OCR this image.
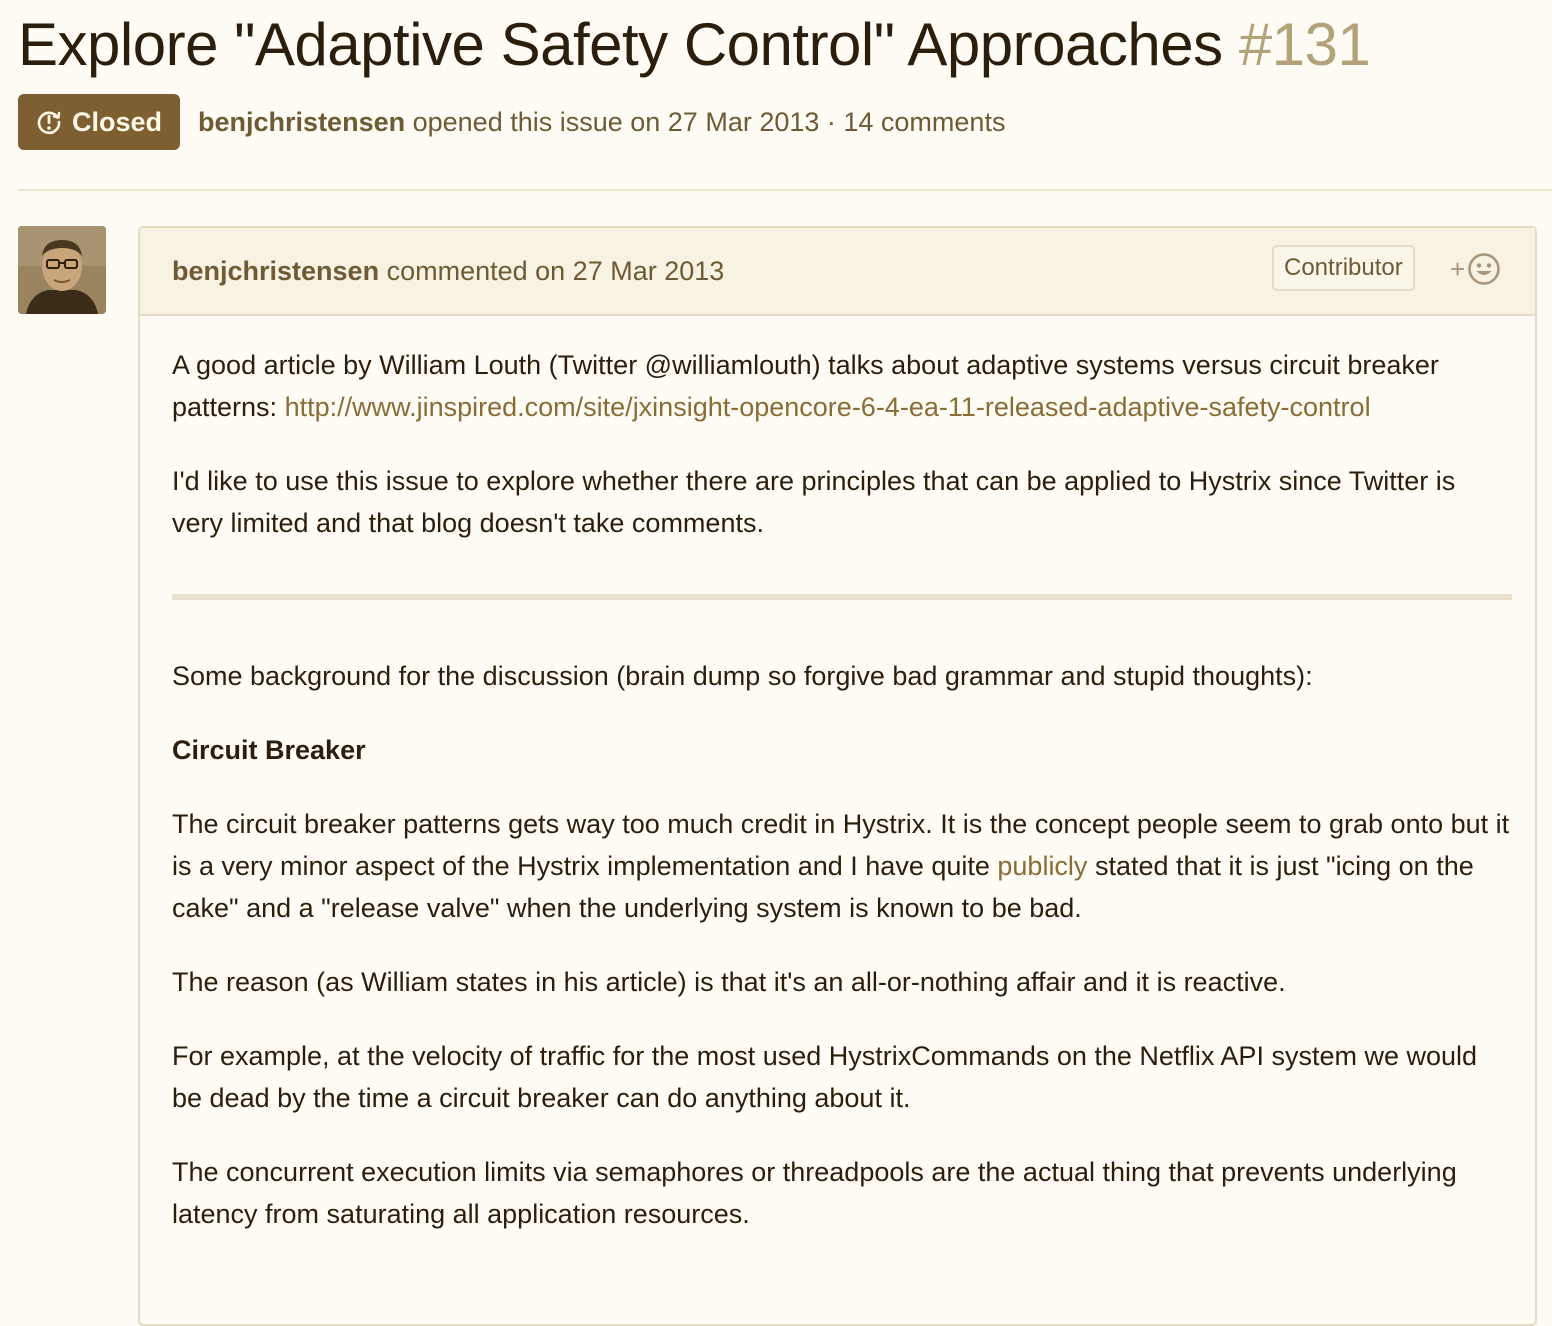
Explore "Adaptive Safety Control" Approaches #131
Closed benjchristensen opened this issue on 27 Mar 2013 · 14 comments
benjchristensen commented on 27 Mar 2013	Contributor	+

A good article by William Louth (Twitter @williamlouth) talks about adaptive systems versus circuit breaker patterns: http://www.jinspired.com/site/jxinsight-opencore-6-4-ea-11-released-adaptive-safety-control

I'd like to use this issue to explore whether there are principles that can be applied to Hystrix since Twitter is very limited and that blog doesn't take comments.

Some background for the discussion (brain dump so forgive bad grammar and stupid thoughts):

Circuit Breaker

The circuit breaker patterns gets way too much credit in Hystrix. It is the concept people seem to grab onto but it is a very minor aspect of the Hystrix implementation and I have quite publicly stated that it is just "icing on the cake" and a "release valve" when the underlying system is known to be bad.

The reason (as William states in his article) is that it's an all-or-nothing affair and it is reactive.

For example, at the velocity of traffic for the most used HystrixCommands on the Netflix API system we would be dead by the time a circuit breaker can do anything about it.

The concurrent execution limits via semaphores or threadpools are the actual thing that prevents underlying latency from saturating all application resources.
